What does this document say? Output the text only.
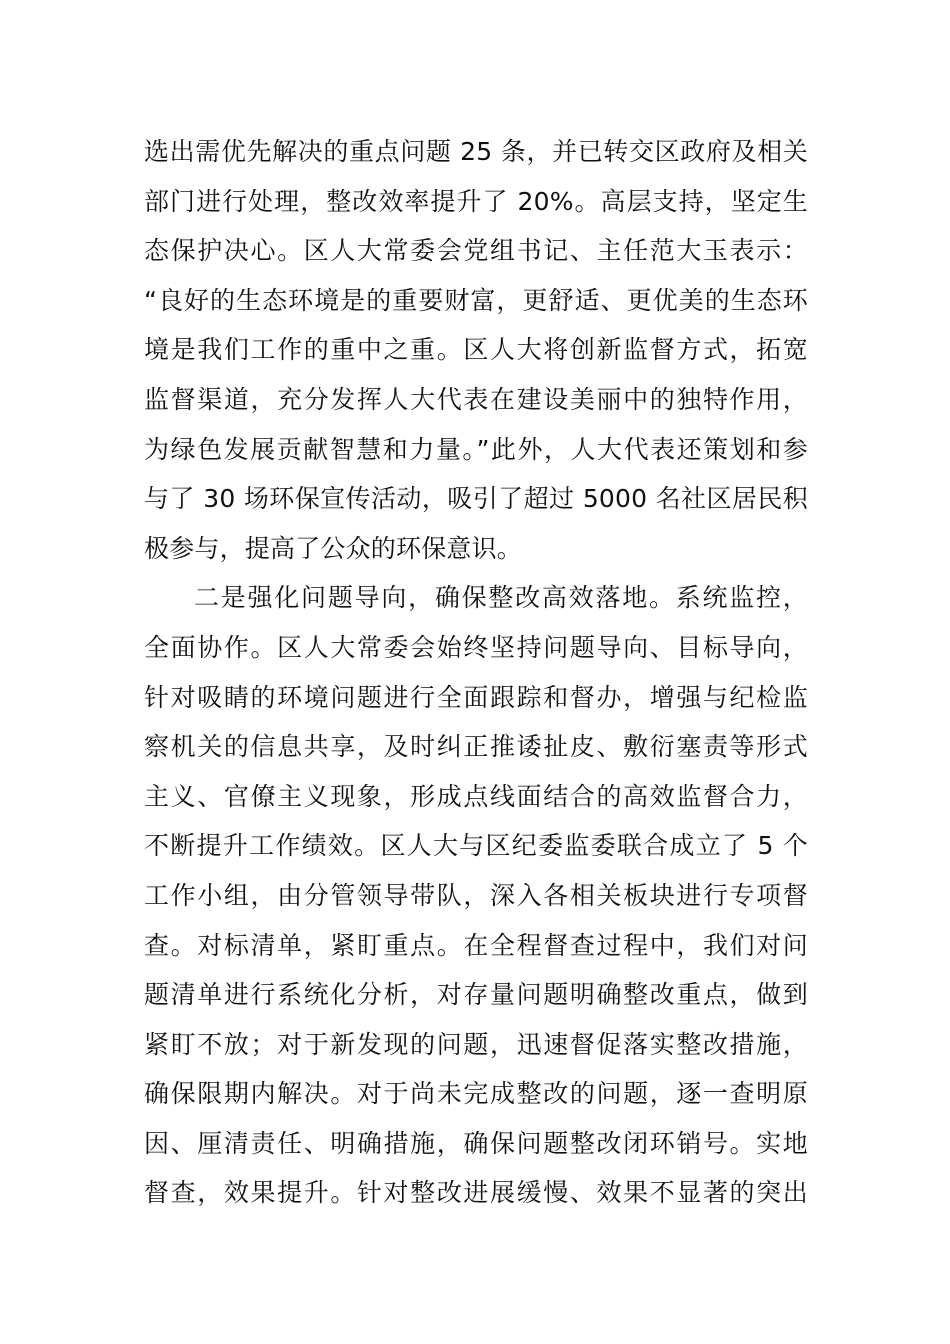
选出需优先解决的重点问题 25 条，并已转交区政府及相关
部门进行处理，整改效率提升了 20%。高层支持，坚定生
态保护决心。区人大常委会党组书记、主任范大玉表示：
“良好的生态环境是的重要财富，更舒适、更优美的生态环
境是我们工作的重中之重。区人大将创新监督方式，拓宽
监督渠道，充分发挥人大代表在建设美丽中的独特作用，
为绿色发展贡献智慧和力量。”此外，人大代表还策划和参
与了 30 场环保宣传活动，吸引了超过 5000 名社区居民积
极参与，提高了公众的环保意识。
二是强化问题导向，确保整改高效落地。系统监控，
全面协作。区人大常委会始终坚持问题导向、目标导向，
针对吸睛的环境问题进行全面跟踪和督办，增强与纪检监
察机关的信息共享，及时纠正推诿扯皮、敷衍塞责等形式
主义、官僚主义现象，形成点线面结合的高效监督合力，
不断提升工作绩效。区人大与区纪委监委联合成立了 5 个
工作小组，由分管领导带队，深入各相关板块进行专项督
查。对标清单，紧盯重点。在全程督查过程中，我们对问
题清单进行系统化分析，对存量问题明确整改重点，做到
紧盯不放；对于新发现的问题，迅速督促落实整改措施，
确保限期内解决。对于尚未完成整改的问题，逐一查明原
因、厘清责任、明确措施，确保问题整改闭环销号。实地
督查，效果提升。针对整改进展缓慢、效果不显著的突出
